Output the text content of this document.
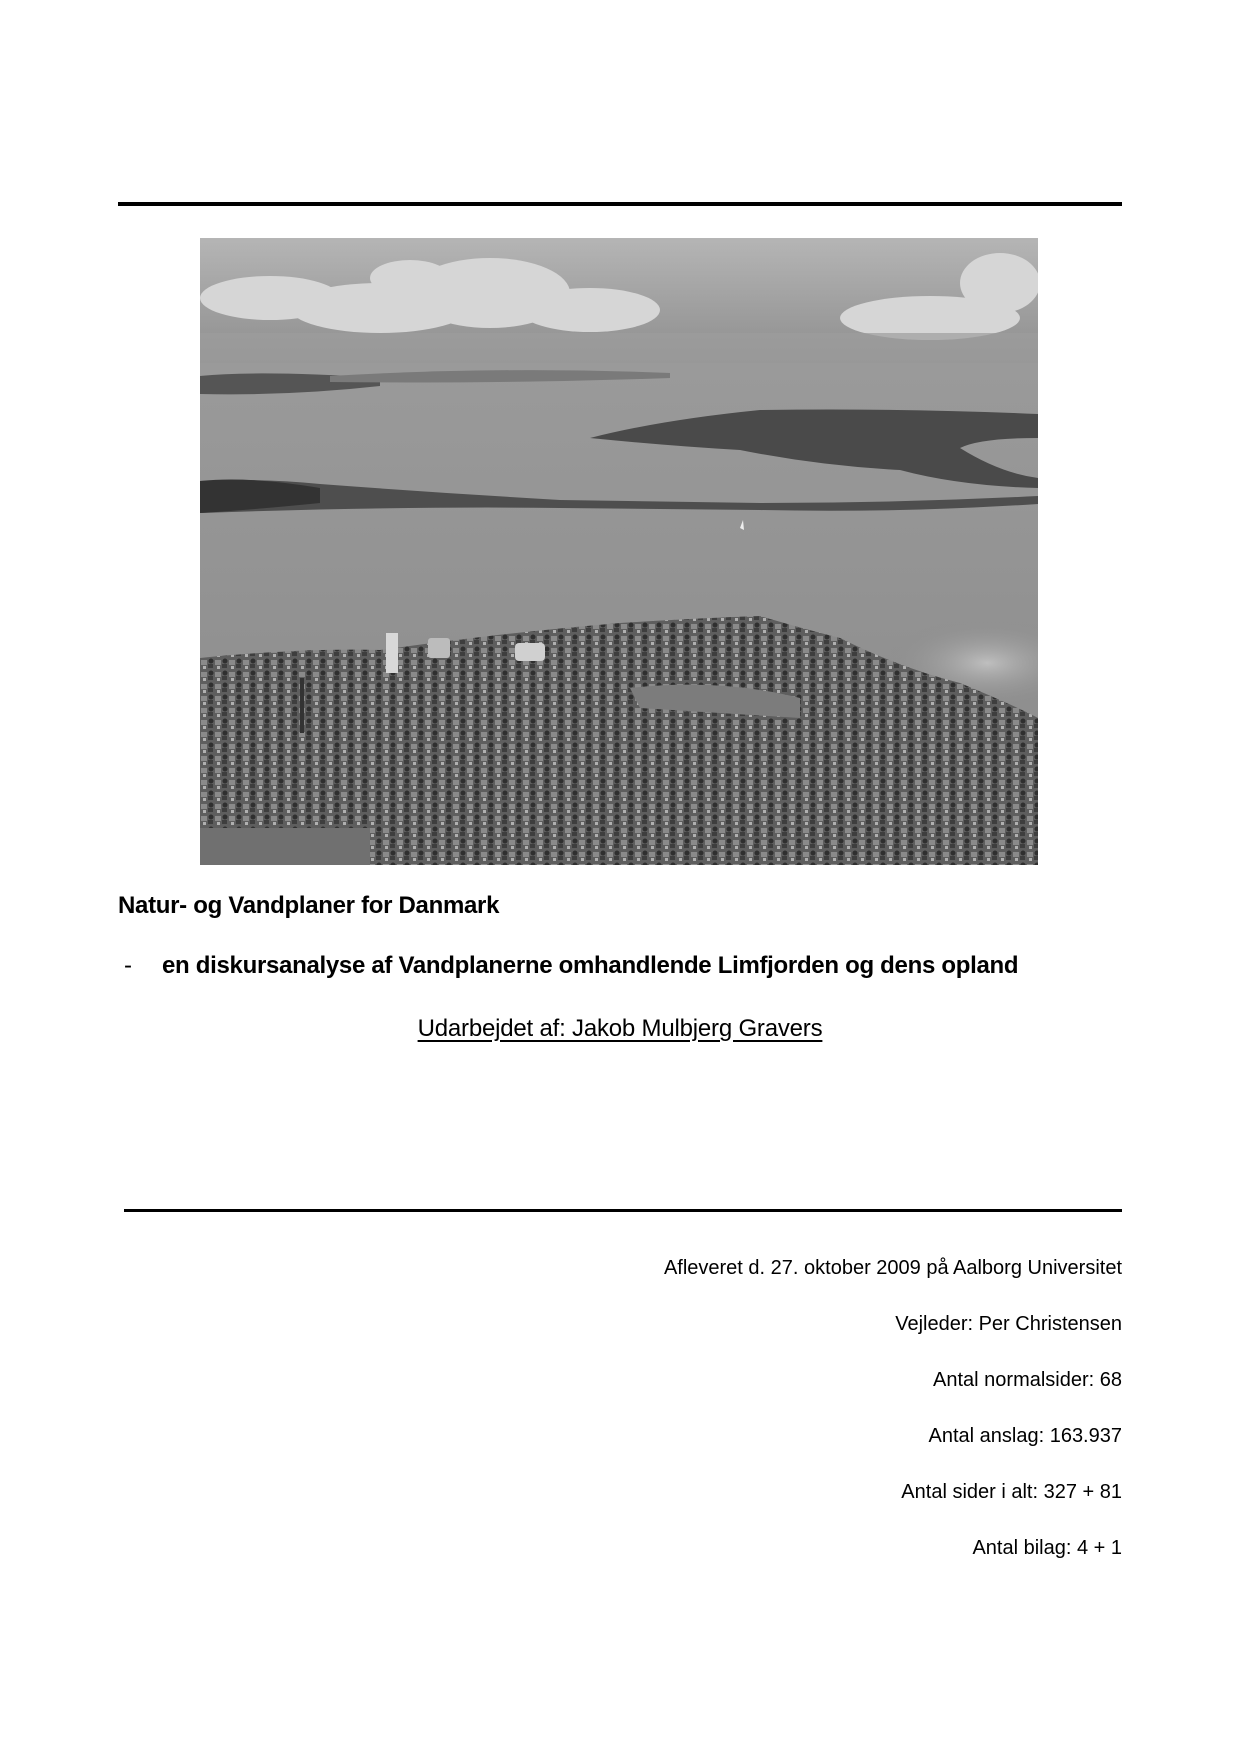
Natur- og Vandplaner for Danmark
- en diskursanalyse af Vandplanerne omhandlende Limfjorden og dens opland
Udarbejdet af: Jakob Mulbjerg Gravers
Afleveret d. 27. oktober 2009 på Aalborg Universitet
Vejleder: Per Christensen
Antal normalsider: 68
Antal anslag: 163.937
Antal sider i alt: 327 + 81
Antal bilag: 4 + 1
